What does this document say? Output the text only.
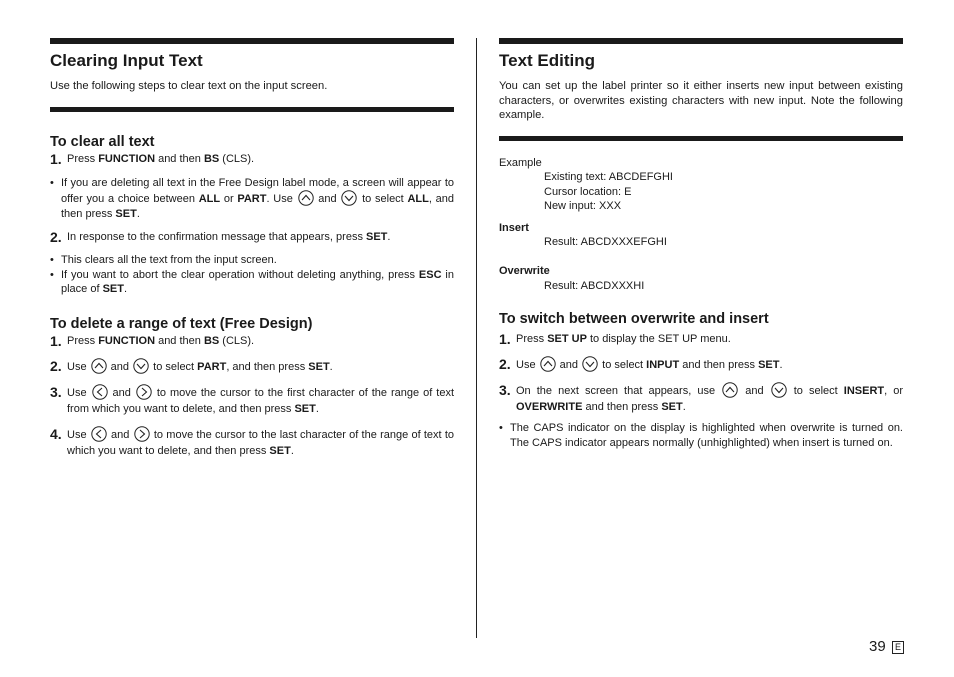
Clearing Input Text

Use the following steps to clear text on the input screen.

To clear all text
1. Press FUNCTION and then BS (CLS).
• If you are deleting all text in the Free Design label mode, a screen will appear to offer you a choice between ALL or PART. Use
and
to select ALL, and then press SET.
2. In response to the confirmation message that appears, press SET.
• This clears all the text from the input screen.
• If you want to abort the clear operation without deleting anything, press ESC in place of SET.
To delete a range of text (Free Design)
1. Press FUNCTION and then BS (CLS).
2. Use
and
to select PART, and then press SET.
3. Use
and
to move the cursor to the first character of the range of text from which you want to delete, and then press SET.
4. Use
and
to move the cursor to the last character of the range of text to which you want to delete, and then press SET.
Text Editing

You can set up the label printer so it either inserts new input between existing characters, or overwrites existing characters with new input. Note the following example.

Example
Existing text: ABCDEFGHI
Cursor location: E
New input: XXX
Insert
Result: ABCDXXXEFGHI
Overwrite
Result: ABCDXXXHI
To switch between overwrite and insert
1. Press SET UP to display the SET UP menu.
2. Use
and
to select INPUT and then press SET.
3. On the next screen that appears, use
and
to select INSERT, or OVERWRITE and then press SET.
• The CAPS indicator on the display is highlighted when overwrite is turned on. The CAPS indicator appears normally (unhighlighted) when insert is turned on.
39	E
